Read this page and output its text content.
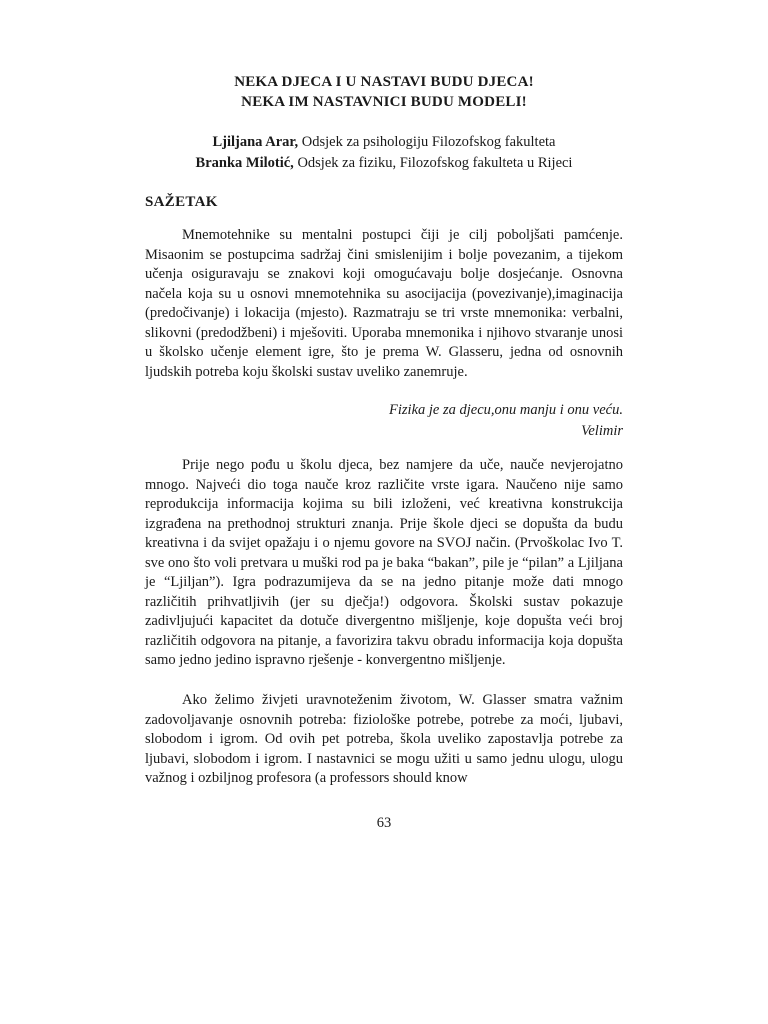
NEKA DJECA I U NASTAVI BUDU DJECA!

NEKA IM NASTAVNICI BUDU MODELI!

Ljiljana Arar, Odsjek za psihologiju Filozofskog fakulteta

Branka Milotić, Odsjek za fiziku, Filozofskog fakulteta u Rijeci

SAŽETAK

Mnemotehnike su mentalni postupci čiji je cilj poboljšati pamćenje. Misaonim se postupcima sadržaj čini smislenijim i bolje povezanim, a tijekom učenja osiguravaju se znakovi koji omogućavaju bolje dosjećanje. Osnovna načela koja su u osnovi mnemotehnika su asocijacija (povezivanje),imaginacija (predočivanje) i lokacija (mjesto). Razmatraju se tri vrste mnemonika: verbalni, slikovni (predodžbeni) i mješoviti. Uporaba mnemonika i njihovo stvaranje unosi u školsko učenje element igre, što je prema W. Glasseru, jedna od osnovnih ljudskih potreba koju školski sustav uveliko zanemruje.

Fizika je za djecu,onu manju i onu veću.

Velimir

Prije nego pođu u školu djeca, bez namjere da uče, nauče nevjerojatno mnogo. Najveći dio toga nauče kroz različite vrste igara. Naučeno nije samo reprodukcija informacija kojima su bili izloženi, već kreativna konstrukcija izgrađena na prethodnoj strukturi znanja. Prije škole djeci se dopušta da budu kreativna i da svijet opažaju i o njemu govore na SVOJ način. (Prvoškolac Ivo T. sve ono što voli pretvara u muški rod pa je baka “bakan”, pile je “pilan” a Ljiljana je “Ljiljan”). Igra podrazumijeva da se na jedno pitanje može dati mnogo različitih prihvatljivih (jer su dječja!) odgovora. Školski sustav pokazuje zadivljujući kapacitet da dotuče divergentno mišljenje, koje dopušta veći broj različitih odgovora na pitanje, a favorizira takvu obradu informacija koja dopušta samo jedno jedino ispravno rješenje - konvergentno mišljenje.

Ako želimo živjeti uravnoteženim životom, W. Glasser smatra važnim zadovoljavanje osnovnih potreba: fiziološke potrebe, potrebe za moći, ljubavi, slobodom i igrom. Od ovih pet potreba, škola uveliko zapostavlja potrebe za ljubavi, slobodom i igrom. I nastavnici se mogu užiti u samo jednu ulogu, ulogu važnog i ozbiljnog profesora (a professors should know

63
